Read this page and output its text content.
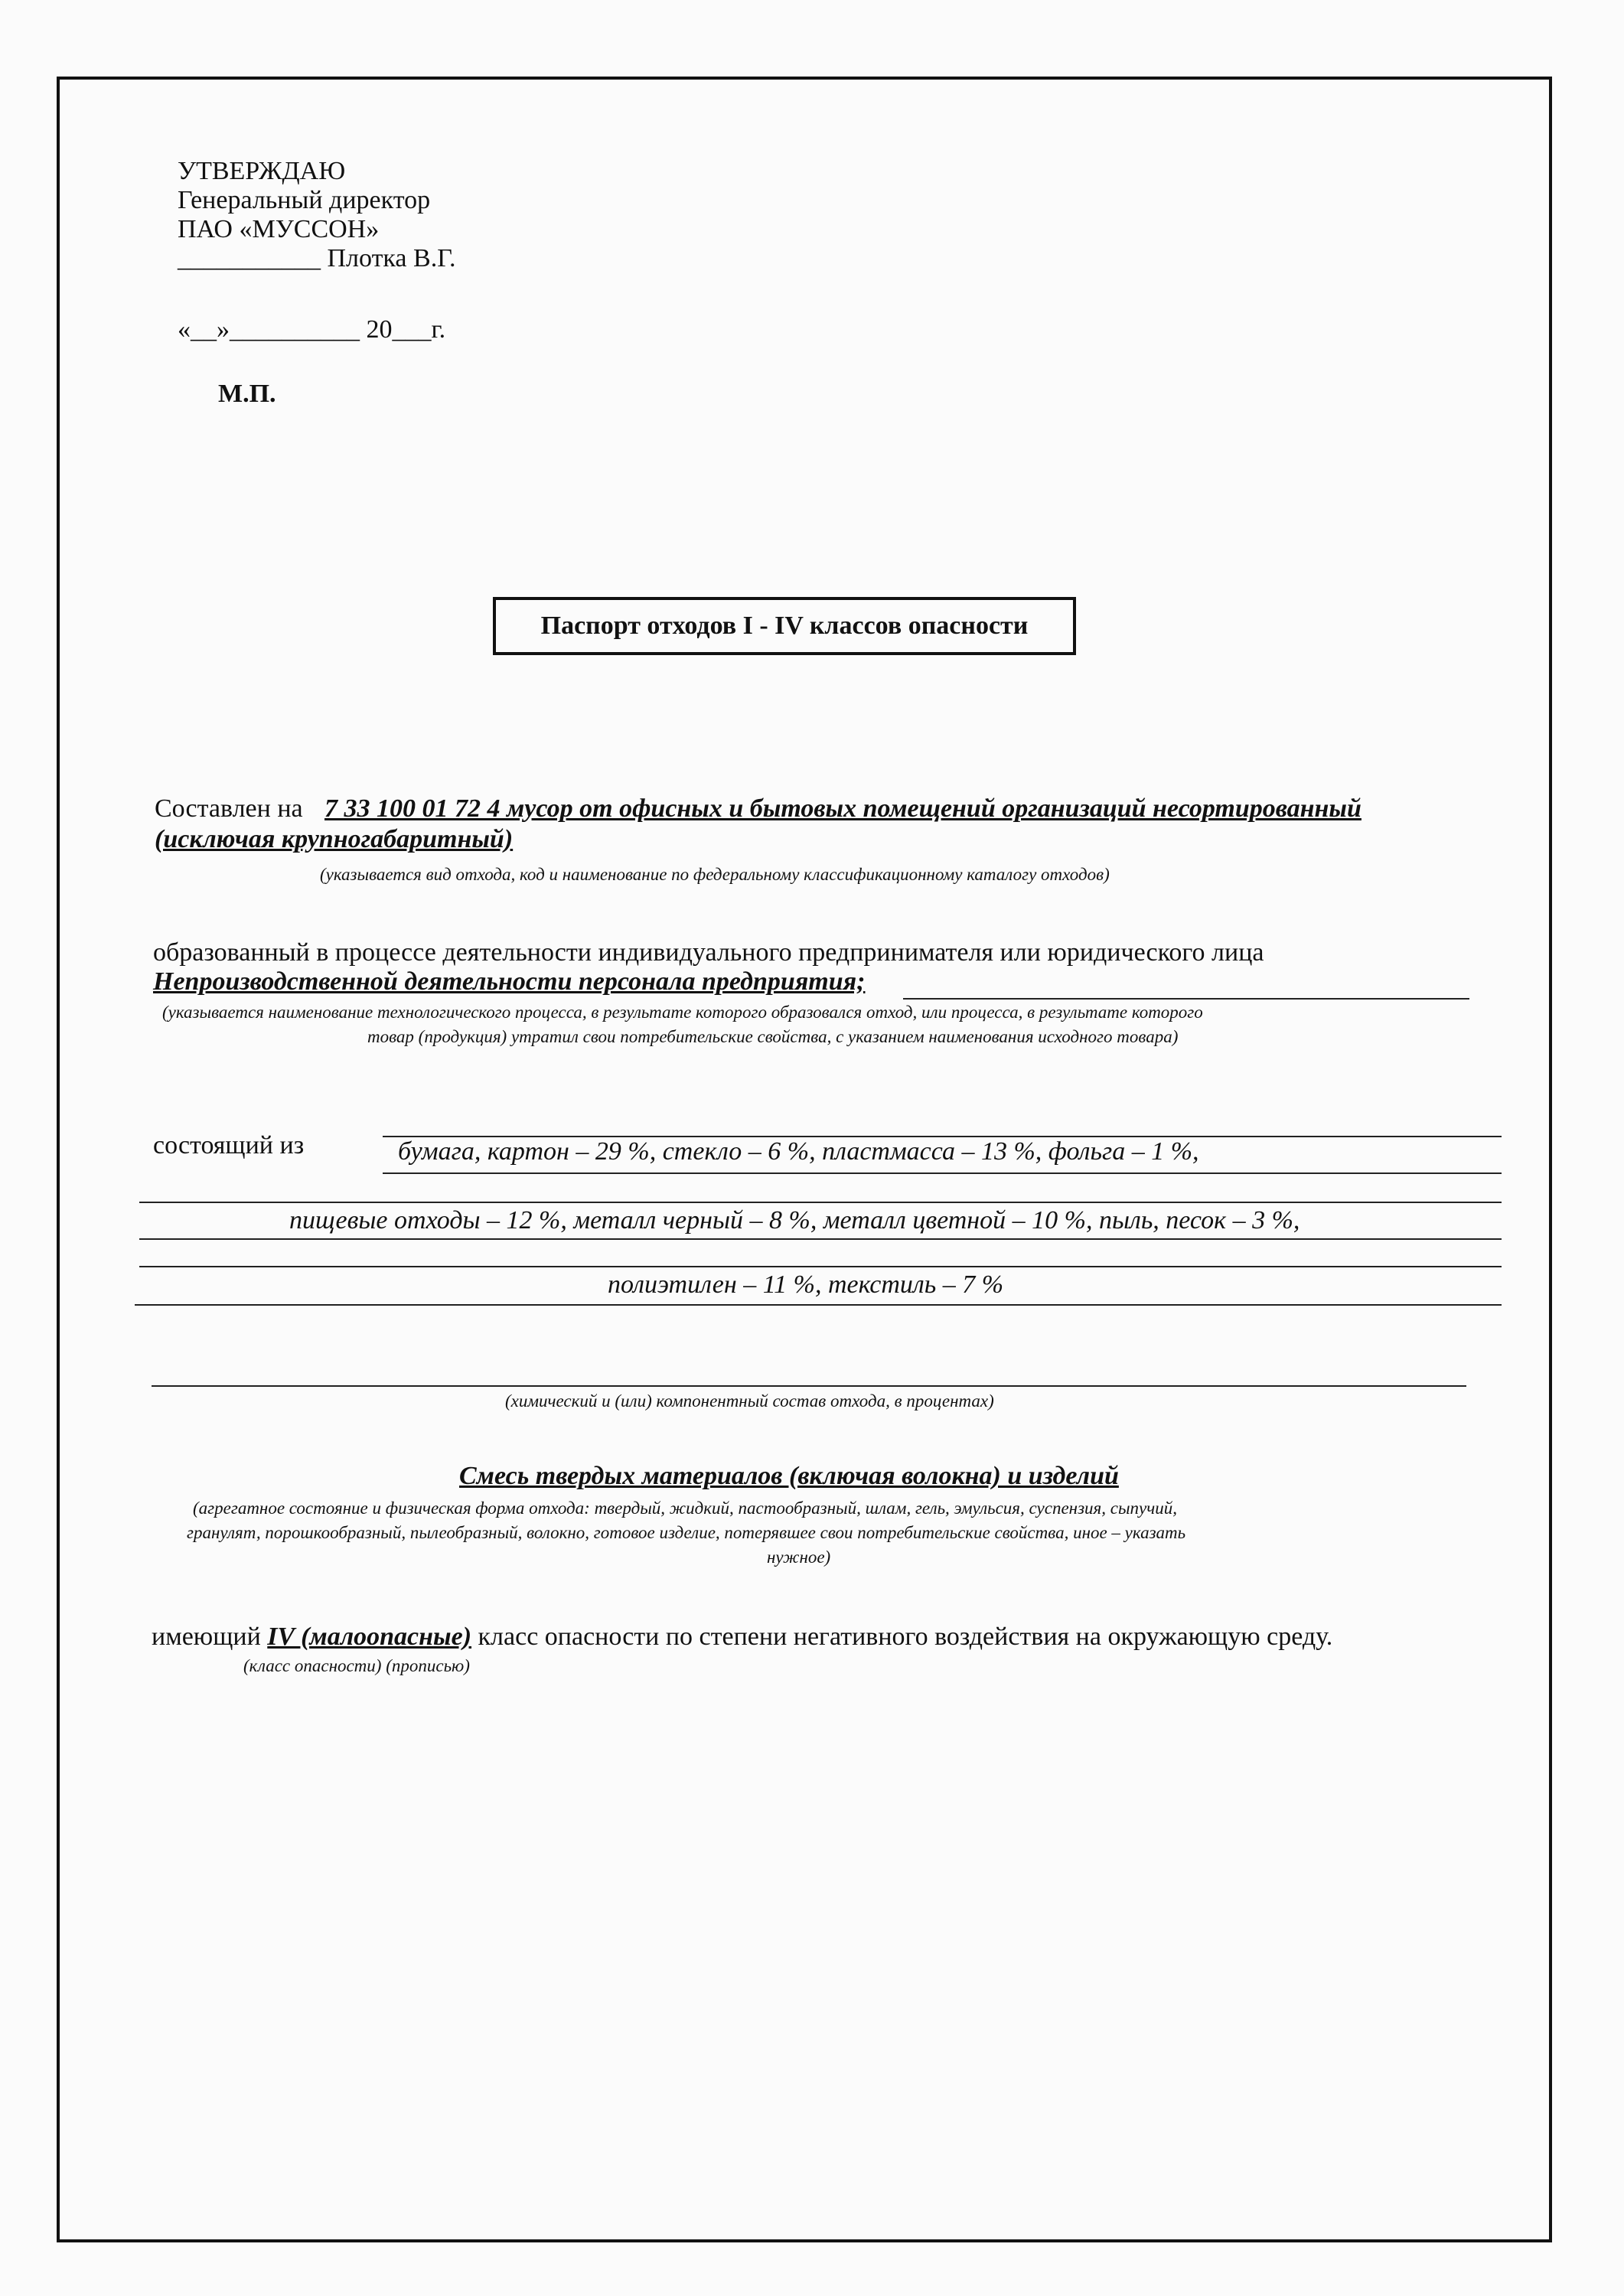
УТВЕРЖДАЮ
Генеральный директор
ПАО «МУССОН»
___________ Плотка В.Г.
«__»__________ 20___г.
М.П.
Паспорт отходов I - IV классов опасности
Составлен на 7 33 100 01 72 4 мусор от офисных и бытовых помещений организаций несортированный
(исключая крупногабаритный)
(указывается вид отхода, код и наименование по федеральному классификационному каталогу отходов)
образованный в процессе деятельности индивидуального предпринимателя или юридического лица
Непроизводственной деятельности персонала предприятия;
(указывается наименование технологического процесса, в результате которого образовался отход, или процесса, в результате которого
товар (продукция) утратил свои потребительские свойства, с указанием наименования исходного товара)
состоящий из	бумага, картон – 29 %, стекло – 6 %, пластмасса – 13 %, фольга – 1 %,
пищевые отходы – 12 %, металл черный – 8 %, металл цветной – 10 %, пыль, песок – 3 %,
полиэтилен – 11 %, текстиль – 7 %
(химический и (или) компонентный состав отхода, в процентах)
Смесь твердых материалов (включая волокна) и изделий
(агрегатное состояние и физическая форма отхода: твердый, жидкий, пастообразный, шлам, гель, эмульсия, суспензия, сыпучий,
гранулят, порошкообразный, пылеобразный, волокно, готовое изделие, потерявшее свои потребительские свойства, иное – указать
нужное)
имеющий IV (малоопасные) класс опасности по степени негативного воздействия на окружающую среду.
(класс опасности) (прописью)
